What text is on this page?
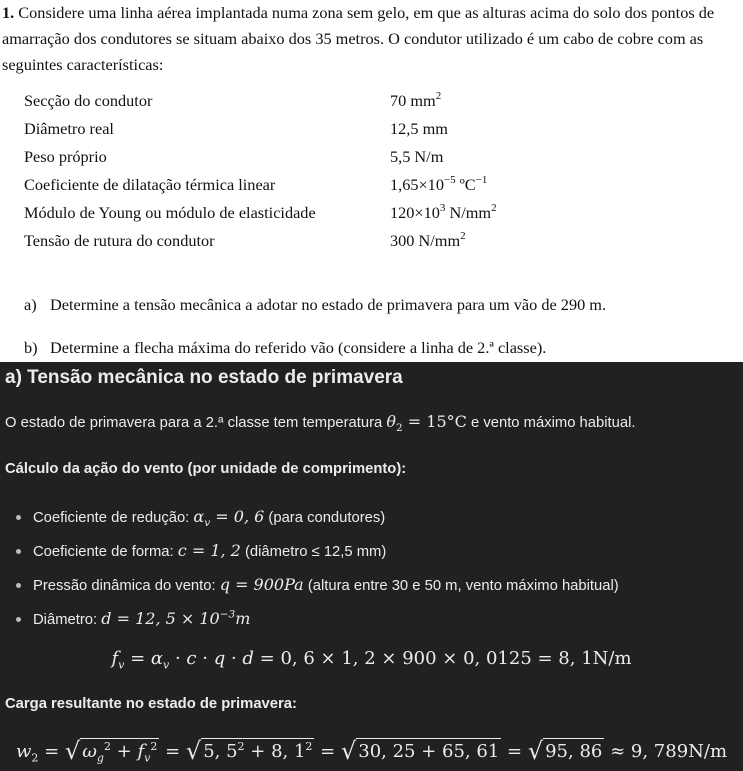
1. Considere uma linha aérea implantada numa zona sem gelo, em que as alturas acima do solo dos pontos de amarração dos condutores se situam abaixo dos 35 metros. O condutor utilizado é um cabo de cobre com as seguintes características:
Secção do condutor	70 $mm^2$
Diâmetro real	12,5 mm
Peso próprio	5,5 N/m
Coeficiente de dilatação térmica linear	$1,65\times 10^{-5}$ ºC$^{-1}$
Módulo de Young ou módulo de elasticidade	$120\times 10^3$ $N/mm^2$
Tensão de rutura do condutor	300 $N/mm^2$
a) Determine a tensão mecânica a adotar no estado de primavera para um vão de 290 m.
b) Determine a flecha máxima do referido vão (considere a linha de 2.ª classe).
a) Tensão mecânica no estado de primavera
O estado de primavera para a 2.ª classe tem temperatura $\theta_2 = 15^\circ C$ e vento máximo habitual.
Cálculo da ação do vento (por unidade de comprimento):
Coeficiente de redução: $\alpha_v = 0$, 6 (para condutores)
Coeficiente de forma: c = 1, 2 (diâmetro ≤ 12,5 mm)
Pressão dinâmica do vento: q = 900Pa (altura entre 30 e 50 m, vento máximo habitual)
Diâmetro: d = 12, $5 \times 10^{-3}m$
$f_v = \alpha_v \cdot c \cdot q \cdot d = 0$, 6 × 1, 2 × 900 × 0, 0125 = 8, 1N/m
Carga resultante no estado de primavera:
$w_2$ = √ $\omega_g^2 + f_v^2$ = √ 5, $5^2 + 8$, $1^2$ = √ 30, 25 + 65, 61 = √ 95, 86 ≈ 9, 789N/m
